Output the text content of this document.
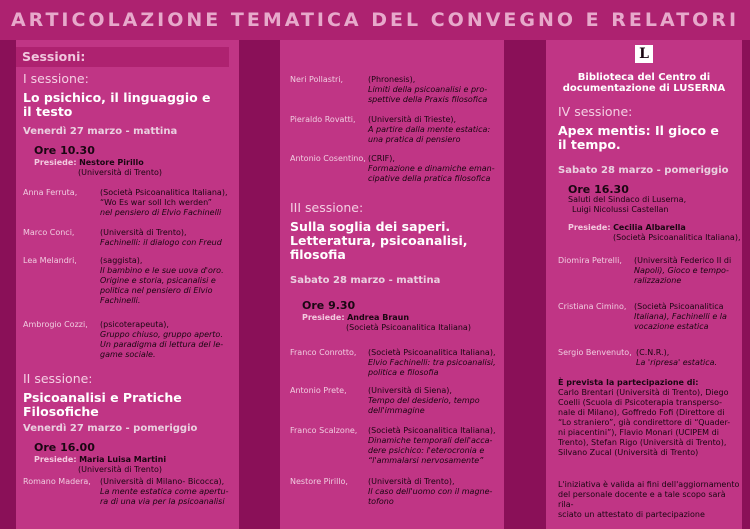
ARTICOLAZIONE TEMATICA DEL CONVEGNO E RELATORI
Sessioni:
I sessione:
Lo psichico, il linguaggio e
il testo
Venerdì 27 marzo - mattina
Ore 10.30
Presiede: Nestore Pirillo
(Università di Trento)
Anna Ferruta,	(Società Psicoanalitica Italiana),
“Wo Es war soll Ich werden”
nel pensiero di Elvio Fachinelli
Marco Conci,	(Università di Trento),
Fachinelli: il dialogo con Freud
Lea Melandri,	(saggista),
Il bambino e le sue uova d'oro.
Origine e storia, psicanalisi e
politica nel pensiero di Elvio
Fachinelli.
Ambrogio Cozzi, (psicoterapeuta),
Gruppo chiuso, gruppo aperto.
Un paradigma di lettura del le-
game sociale.
II sessione:
Psicoanalisi e Pratiche
Filosofiche
Venerdì 27 marzo - pomeriggio
Ore 16.00
Presiede: Maria Luisa Martini
(Università di Trento)
Romano Madera, (Università di Milano- Bicocca),
La mente estatica come apertu-
ra di una via per la psicoanalisi
Neri Pollastri,	(Phronesis),
Limiti della psicoanalisi e pro-
spettive della Praxis filosofica
Pierаldo Rovatti, (Università di Trieste),
A partire dalla mente estatica:
una pratica di pensiero
Antonio Cosentino, (CRIF),
Formazione e dinamiche eman-
cipative della pratica filosofica
III sessione:
Sulla soglia dei saperi.
Letteratura, psicoanalisi,
filosofia
Sabato 28 marzo - mattina
Ore 9.30
Presiede: Andrea Braun
(Società Psicoanalitica Italiana)
Franco Conrotto, (Società Psicoanalitica Italiana),
Elvio Fachinelli: tra psicoanalisi,
politica e filosofia
Antonio Prete,	(Università di Siena),
Tempo del desiderio, tempo
dell'immagine
Franco Scalzone, (Società Psicoanalitica Italiana),
Dinamiche temporali dell'acca-
dere psichico: l'eterocronia e
“l'ammalarsi nervosamente”
Nestore Pirillo,	(Università di Trento),
Il caso dell'uomo con il magne-
tofono
L
Biblioteca del Centro di
documentazione di LUSERNA
IV sessione:
Apex mentis: Il gioco e
il tempo.
Sabato 28 marzo - pomeriggio
Ore 16.30
Saluti del Sindaco di Luserna,
Luigi Nicolussi Castellan
Presiede: Cecilia Albarella
(Società Psicoanalitica Italiana),
Diomira Petrelli, (Università Federico II di
Napoli), Gioco e tempo-
ralizzazione
Cristiana Cimino, (Società Psicoanalitica
Italiana), Fachinelli e la
vocazione estatica
Sergio Benvenuto, (C.N.R.),
La 'ripresa' estatica.
È prevista la partecipazione di:
Carlo Brentari (Università di Trento), Diego
Coelli (Scuola di Psicoterapia transperso-
nale di Milano), Goffredo Fofi (Direttore di
“Lo straniero”, già condirettore di “Quader-
ni piacentini”), Flavio Monari (UCIPEM di
Trento), Stefan Rigo (Università di Trento),
Silvano Zucal (Università di Trento)
L'iniziativa è valida ai fini dell'aggiornamento
del personale docente e a tale scopo sarà rila-
sciato un attestato di partecipazione
